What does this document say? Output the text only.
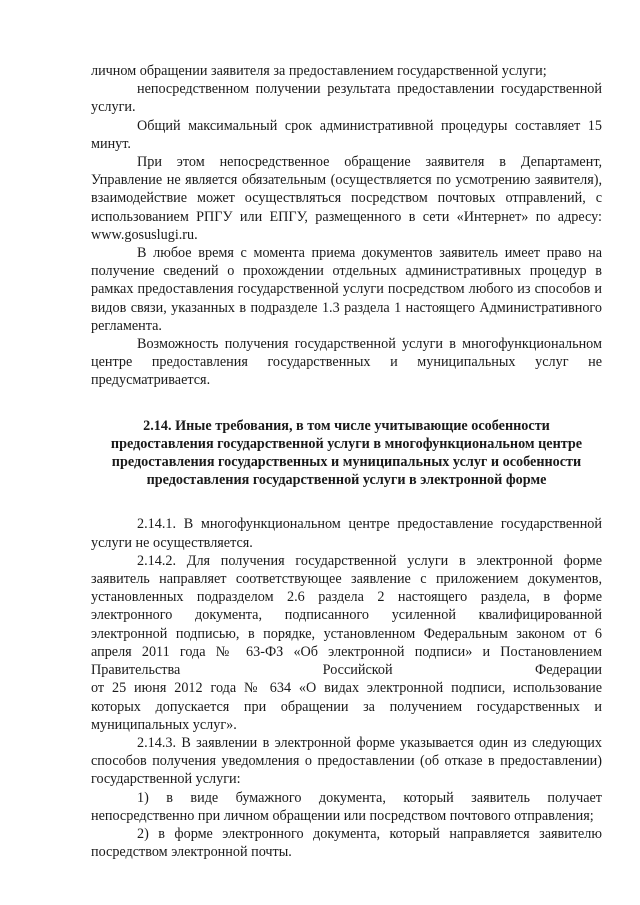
личном обращении заявителя за предоставлением государственной услуги;

непосредственном получении результата предоставлении государственной услуги.

Общий максимальный срок административной процедуры составляет 15 минут.

При этом непосредственное обращение заявителя в Департамент, Управление не является обязательным (осуществляется по усмотрению заявителя), взаимодействие может осуществляться посредством почтовых отправлений, с использованием РПГУ или ЕПГУ, размещенного в сети «Интернет» по адресу: www.gosuslugi.ru.

В любое время с момента приема документов заявитель имеет право на получение сведений о прохождении отдельных административных процедур в рамках предоставления государственной услуги посредством любого из способов и видов связи, указанных в подразделе 1.3 раздела 1 настоящего Административного регламента.

Возможность получения государственной услуги в многофункциональном центре предоставления государственных и муниципальных услуг не предусматривается.

2.14. Иные требования, в том числе учитывающие особенности
предоставления государственной услуги в многофункциональном центре
предоставления государственных и муниципальных услуг и особенности
предоставления государственной услуги в электронной форме

2.14.1. В многофункциональном центре предоставление государственной услуги не осуществляется.

2.14.2. Для получения государственной услуги в электронной форме заявитель направляет соответствующее заявление с приложением документов, установленных подразделом 2.6 раздела 2 настоящего раздела, в форме электронного документа, подписанного усиленной квалифицированной электронной подписью, в порядке, установленном Федеральным законом от 6 апреля 2011 года № 63-ФЗ «Об электронной подписи» и Постановлением Правительства Российской Федерации

от 25 июня 2012 года № 634 «О видах электронной подписи, использование которых допускается при обращении за получением государственных и муниципальных услуг».

2.14.3. В заявлении в электронной форме указывается один из следующих способов получения уведомления о предоставлении (об отказе в предоставлении) государственной услуги:

1) в виде бумажного документа, который заявитель получает непосредственно при личном обращении или посредством почтового отправления;

2) в форме электронного документа, который направляется заявителю посредством электронной почты.
